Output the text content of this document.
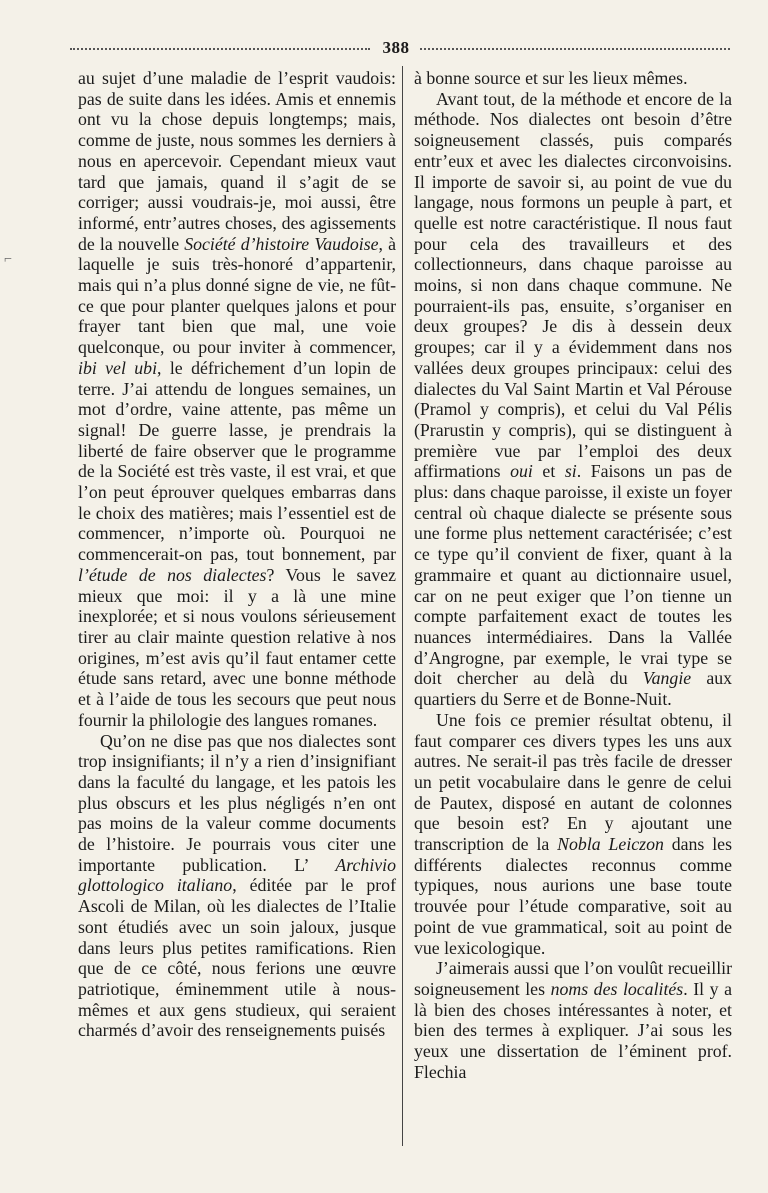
388
⌐

au sujet d’une maladie de l’esprit vaudois: pas de suite dans les idées. Amis et ennemis ont vu la chose depuis longtemps; mais, comme de juste, nous sommes les derniers à nous en apercevoir. Cependant mieux vaut tard que jamais, quand il s’agit de se corriger; aussi voudrais-je, moi aussi, être informé, entr’autres choses, des agissements de la nouvelle Société d’histoire Vaudoise, à laquelle je suis très-honoré d’appartenir, mais qui n’a plus donné signe de vie, ne fût-ce que pour planter quelques jalons et pour frayer tant bien que mal, une voie quelconque, ou pour inviter à commencer, ibi vel ubi, le défrichement d’un lopin de terre. J’ai attendu de longues semaines, un mot d’ordre, vaine attente, pas même un signal! De guerre lasse, je prendrais la liberté de faire observer que le programme de la Société est très vaste, il est vrai, et que l’on peut éprouver quelques embarras dans le choix des matières; mais l’essentiel est de commencer, n’importe où. Pourquoi ne commencerait-on pas, tout bonnement, par l’étude de nos dialectes? Vous le savez mieux que moi: il y a là une mine inexplorée; et si nous voulons sérieusement tirer au clair mainte question relative à nos origines, m’est avis qu’il faut entamer cette étude sans retard, avec une bonne méthode et à l’aide de tous les secours que peut nous fournir la philologie des langues romanes.

Qu’on ne dise pas que nos dialectes sont trop insignifiants; il n’y a rien d’insignifiant dans la faculté du langage, et les patois les plus obscurs et les plus négligés n’en ont pas moins de la valeur comme documents de l’histoire. Je pourrais vous citer une importante publication. L’ Archivio glottologico italiano, éditée par le prof Ascoli de Milan, où les dialectes de l’Italie sont étudiés avec un soin jaloux, jusque dans leurs plus petites ramifications. Rien que de ce côté, nous ferions une œuvre patriotique, éminemment utile à nous-mêmes et aux gens studieux, qui seraient charmés d’avoir des renseignements puisés

à bonne source et sur les lieux mêmes.

Avant tout, de la méthode et encore de la méthode. Nos dialectes ont besoin d’être soigneusement classés, puis comparés entr’eux et avec les dialectes circonvoisins. Il importe de savoir si, au point de vue du langage, nous formons un peuple à part, et quelle est notre caractéristique. Il nous faut pour cela des travailleurs et des collectionneurs, dans chaque paroisse au moins, si non dans chaque commune. Ne pourraient-ils pas, ensuite, s’organiser en deux groupes? Je dis à dessein deux groupes; car il y a évidemment dans nos vallées deux groupes principaux: celui des dialectes du Val Saint Martin et Val Pérouse (Pramol y compris), et celui du Val Pélis (Prarustin y compris), qui se distinguent à première vue par l’emploi des deux affirmations oui et si. Faisons un pas de plus: dans chaque paroisse, il existe un foyer central où chaque dialecte se présente sous une forme plus nettement caractérisée; c’est ce type qu’il convient de fixer, quant à la grammaire et quant au dictionnaire usuel, car on ne peut exiger que l’on tienne un compte parfaitement exact de toutes les nuances intermédiaires. Dans la Vallée d’Angrogne, par exemple, le vrai type se doit chercher au delà du Vangie aux quartiers du Serre et de Bonne-Nuit.

Une fois ce premier résultat obtenu, il faut comparer ces divers types les uns aux autres. Ne serait-il pas très facile de dresser un petit vocabulaire dans le genre de celui de Pautex, disposé en autant de colonnes que besoin est? En y ajoutant une transcription de la Nobla Leiczon dans les différents dialectes reconnus comme typiques, nous aurions une base toute trouvée pour l’étude comparative, soit au point de vue grammatical, soit au point de vue lexicologique.

J’aimerais aussi que l’on voulût recueillir soigneusement les noms des localités. Il y a là bien des choses intéressantes à noter, et bien des termes à expliquer. J’ai sous les yeux une dissertation de l’éminent prof. Flechia
